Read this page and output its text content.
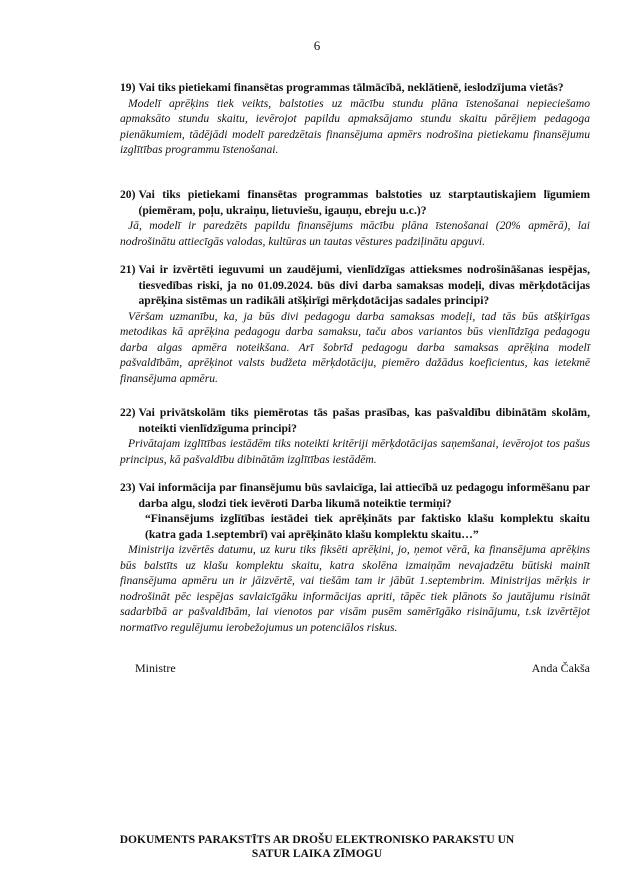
6
19) Vai tiks pietiekami finansētas programmas tālmācībā, neklātienē, ieslodzījuma vietās?
Modelī aprēķins tiek veikts, balstoties uz mācību stundu plāna īstenošanai nepieciešamo apmaksāto stundu skaitu, ievērojot papildu apmaksājamo stundu skaitu pārējiem pedagoga pienākumiem, tādējādi modelī paredzētais finansējuma apmērs nodrošina pietiekamu finansējumu izglītības programmu īstenošanai.
20) Vai tiks pietiekami finansētas programmas balstoties uz starptautiskajiem līgumiem (piemēram, poļu, ukraiņu, lietuviešu, igauņu, ebreju u.c.)?
Jā, modelī ir paredzēts papildu finansējums mācību plāna īstenošanai (20% apmērā), lai nodrošinātu attiecīgās valodas, kultūras un tautas vēstures padziļinātu apguvi.
21) Vai ir izvērtēti ieguvumi un zaudējumi, vienlīdzīgas attieksmes nodrošināšanas iespējas, tiesvedības riski, ja no 01.09.2024. būs divi darba samaksas modeļi, divas mērķdotācijas aprēķina sistēmas un radikāli atšķirīgi mērķdotācijas sadales principi?
Vēršam uzmanību, ka, ja būs divi pedagogu darba samaksas modeļi, tad tās būs atšķirīgas metodikas kā aprēķina pedagogu darba samaksu, taču abos variantos būs vienlīdzīga pedagogu darba algas apmēra noteikšana. Arī šobrīd pedagogu darba samaksas aprēķina modelī pašvaldībām, aprēķinot valsts budžeta mērķdotāciju, piemēro dažādus koeficientus, kas ietekmē finansējuma apmēru.
22) Vai privātskolām tiks piemērotas tās pašas prasības, kas pašvaldību dibinātām skolām, noteikti vienlīdzīguma principi?
Privātajam izglītības iestādēm tiks noteikti kritēriji mērķdotācijas saņemšanai, ievērojot tos pašus principus, kā pašvaldību dibinātām izglītības iestādēm.
23) Vai informācija par finansējumu būs savlaicīga, lai attiecībā uz pedagogu informēšanu par darba algu, slodzi tiek ievēroti Darba likumā noteiktie termiņi?
“Finansējums izglītības iestādei tiek aprēķināts par faktisko klašu komplektu skaitu (katra gada 1.septembrī) vai aprēķināto klašu komplektu skaitu…”
Ministrija izvērtēs datumu, uz kuru tiks fiksēti aprēķini, jo, ņemot vērā, ka finansējuma aprēķins būs balstīts uz klašu komplektu skaitu, katra skolēna izmaiņām nevajadzētu būtiski mainīt finansējuma apmēru un ir jāizvērtē, vai tiešām tam ir jābūt 1.septembrim. Ministrijas mērķis ir nodrošināt pēc iespējas savlaicīgāku informācijas apriti, tāpēc tiek plānots šo jautājumu risināt sadarbībā ar pašvaldībām, lai vienotos par visām pusēm samērīgāko risinājumu, t.sk izvērtējot normatīvo regulējumu ierobežojumus un potenciālos riskus.
Ministre	Anda Čakša
DOKUMENTS PARAKSTĪTS AR DROŠU ELEKTRONISKO PARAKSTU UN
SATUR LAIKA ZĪMOGU
